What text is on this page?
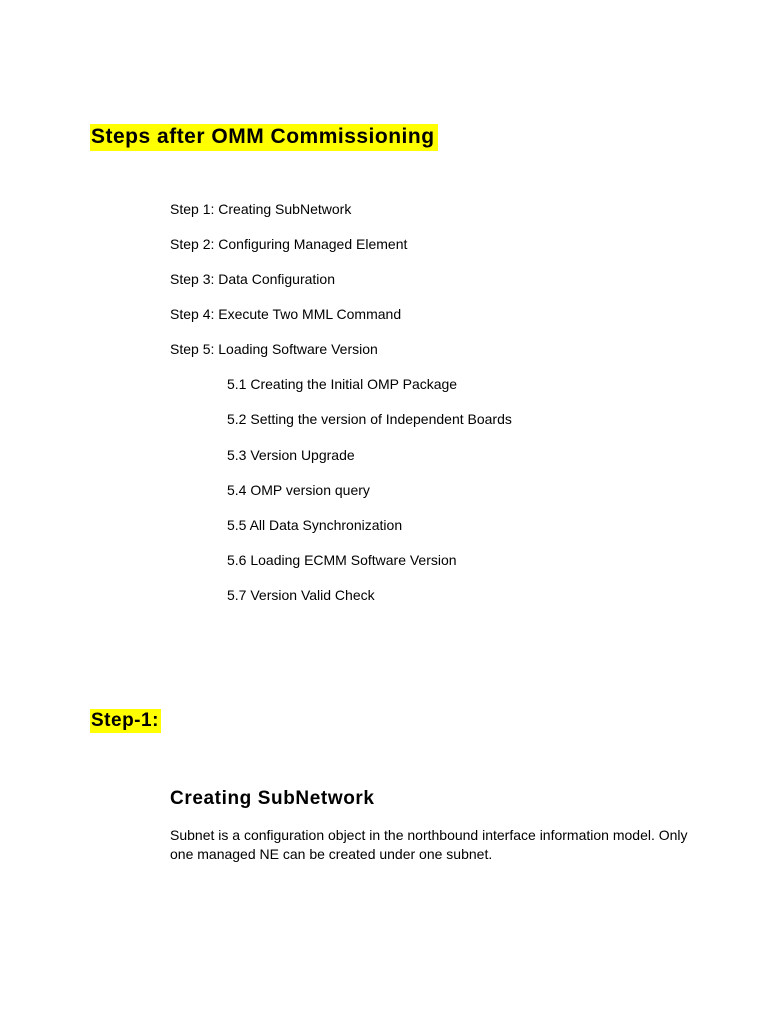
Steps after OMM Commissioning
Step 1: Creating SubNetwork
Step 2: Configuring Managed Element
Step 3: Data Configuration
Step 4: Execute Two MML Command
Step 5: Loading Software Version
5.1 Creating the Initial OMP Package
5.2 Setting the version of Independent Boards
5.3 Version Upgrade
5.4 OMP version query
5.5 All Data Synchronization
5.6 Loading ECMM Software Version
5.7 Version Valid Check
Step-1:
Creating SubNetwork

Subnet is a configuration object in the northbound interface information model. Only one managed NE can be created under one subnet.
